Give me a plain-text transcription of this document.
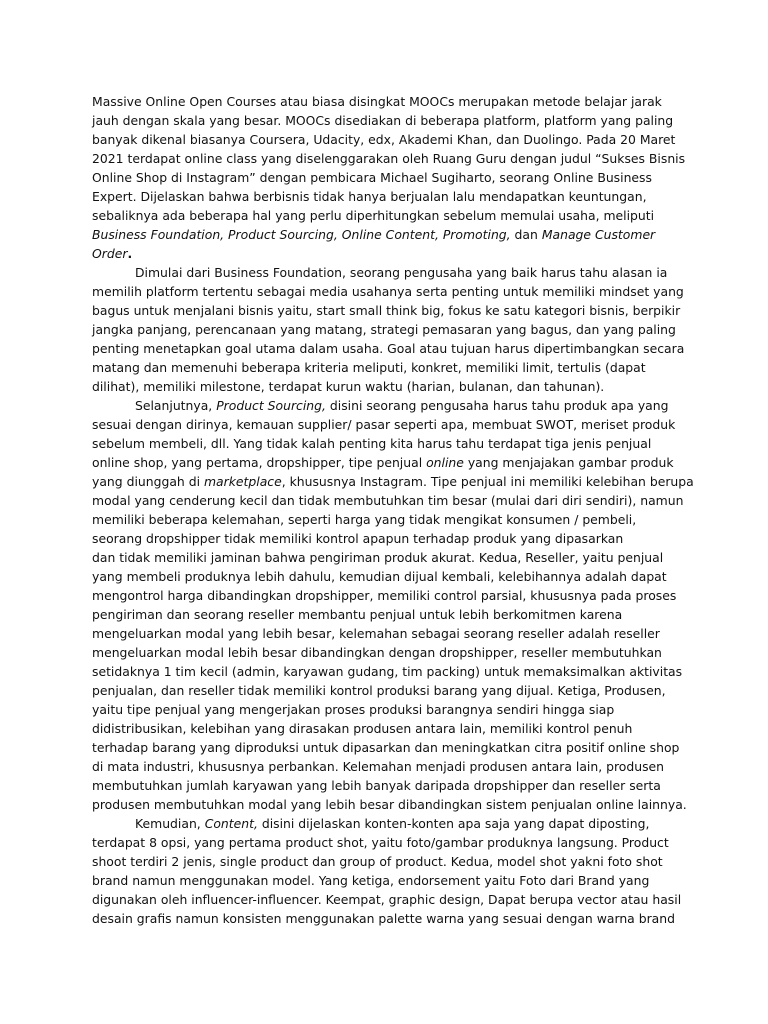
Massive Online Open Courses atau biasa disingkat MOOCs merupakan metode belajar jarak
jauh dengan skala yang besar. MOOCs disediakan di beberapa platform, platform yang paling
banyak dikenal biasanya Coursera, Udacity, edx, Akademi Khan, dan Duolingo. Pada 20 Maret
2021 terdapat online class yang diselenggarakan oleh Ruang Guru dengan judul “Sukses Bisnis
Online Shop di Instagram” dengan pembicara Michael Sugiharto, seorang Online Business
Expert. Dijelaskan bahwa berbisnis tidak hanya berjualan lalu mendapatkan keuntungan,
sebaliknya ada beberapa hal yang perlu diperhitungkan sebelum memulai usaha, meliputi
Business Foundation, Product Sourcing, Online Content, Promoting, dan Manage Customer
Order.
Dimulai dari Business Foundation, seorang pengusaha yang baik harus tahu alasan ia
memilih platform tertentu sebagai media usahanya serta penting untuk memiliki mindset yang
bagus untuk menjalani bisnis yaitu, start small think big, fokus ke satu kategori bisnis, berpikir
jangka panjang, perencanaan yang matang, strategi pemasaran yang bagus, dan yang paling
penting menetapkan goal utama dalam usaha. Goal atau tujuan harus dipertimbangkan secara
matang dan memenuhi beberapa kriteria meliputi, konkret, memiliki limit, tertulis (dapat
dilihat), memiliki milestone, terdapat kurun waktu (harian, bulanan, dan tahunan).
Selanjutnya, Product Sourcing, disini seorang pengusaha harus tahu produk apa yang
sesuai dengan dirinya, kemauan supplier/ pasar seperti apa, membuat SWOT, meriset produk
sebelum membeli, dll. Yang tidak kalah penting kita harus tahu terdapat tiga jenis penjual
online shop, yang pertama, dropshipper, tipe penjual online yang menjajakan gambar produk
yang diunggah di marketplace, khususnya Instagram. Tipe penjual ini memiliki kelebihan berupa
modal yang cenderung kecil dan tidak membutuhkan tim besar (mulai dari diri sendiri), namun
memiliki beberapa kelemahan, seperti harga yang tidak mengikat konsumen / pembeli,
seorang dropshipper tidak memiliki kontrol apapun terhadap produk yang dipasarkan
dan tidak memiliki jaminan bahwa pengiriman produk akurat. Kedua, Reseller, yaitu penjual
yang membeli produknya lebih dahulu, kemudian dijual kembali, kelebihannya adalah dapat
mengontrol harga dibandingkan dropshipper, memiliki control parsial, khususnya pada proses
pengiriman dan seorang reseller membantu penjual untuk lebih berkomitmen karena
mengeluarkan modal yang lebih besar, kelemahan sebagai seorang reseller adalah reseller
mengeluarkan modal lebih besar dibandingkan dengan dropshipper, reseller membutuhkan
setidaknya 1 tim kecil (admin, karyawan gudang, tim packing) untuk memaksimalkan aktivitas
penjualan, dan reseller tidak memiliki kontrol produksi barang yang dijual. Ketiga, Produsen,
yaitu tipe penjual yang mengerjakan proses produksi barangnya sendiri hingga siap
didistribusikan, kelebihan yang dirasakan produsen antara lain, memiliki kontrol penuh
terhadap barang yang diproduksi untuk dipasarkan dan meningkatkan citra positif online shop
di mata industri, khususnya perbankan. Kelemahan menjadi produsen antara lain, produsen
membutuhkan jumlah karyawan yang lebih banyak daripada dropshipper dan reseller serta
produsen membutuhkan modal yang lebih besar dibandingkan sistem penjualan online lainnya.
Kemudian, Content, disini dijelaskan konten-konten apa saja yang dapat diposting,
terdapat 8 opsi, yang pertama product shot, yaitu foto/gambar produknya langsung. Product
shoot terdiri 2 jenis, single product dan group of product. Kedua, model shot yakni foto shot
brand namun menggunakan model. Yang ketiga, endorsement yaitu Foto dari Brand yang
digunakan oleh influencer-influencer. Keempat, graphic design, Dapat berupa vector atau hasil
desain grafis namun konsisten menggunakan palette warna yang sesuai dengan warna brand
